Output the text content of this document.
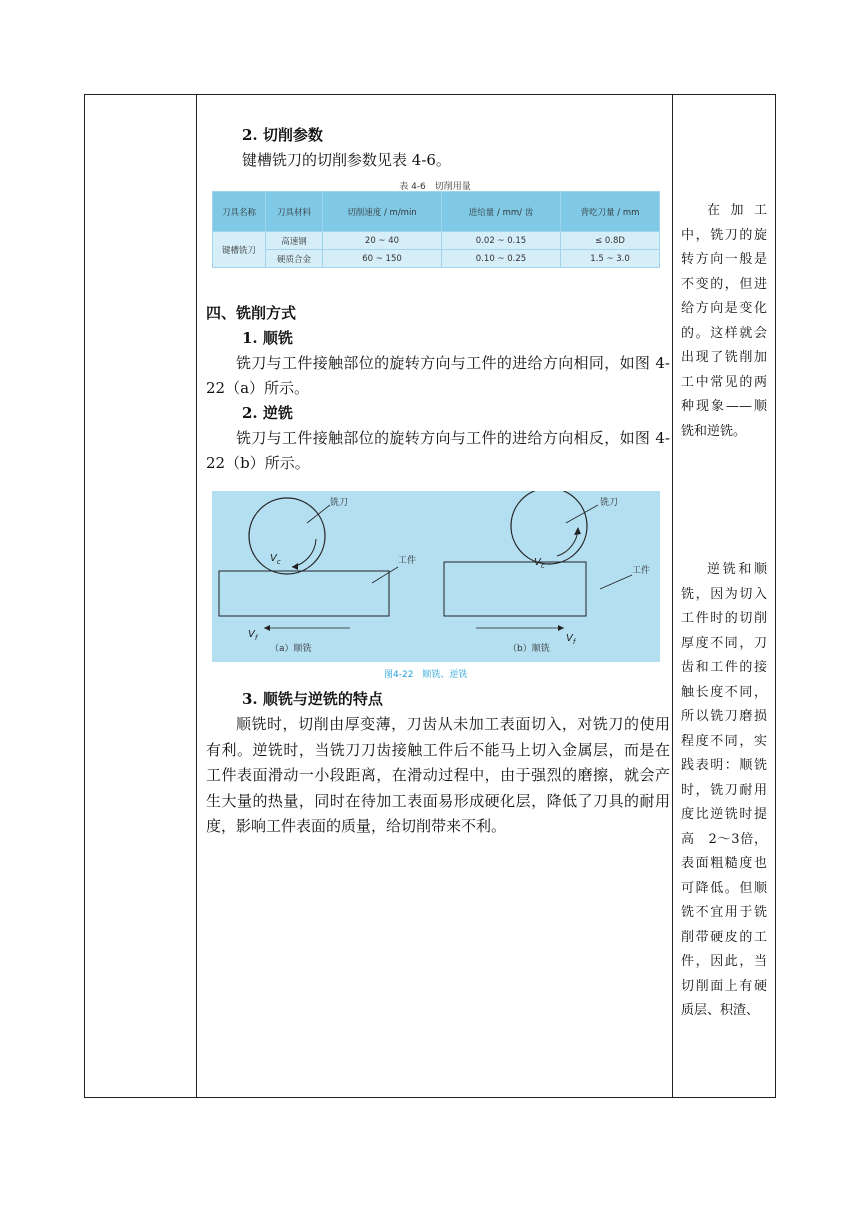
2. 切削参数
键槽铣刀的切削参数见表 4-6。
表 4-6　切削用量
刀具名称	刀具材料	切削速度 / m/min	进给量 / mm/ 齿	背吃刀量 / mm
键槽铣刀	高速钢	20 ~ 40	0.02 ~ 0.15	≤ 0.8D
	硬质合金	60 ~ 150	0.10 ~ 0.25	1.5 ~ 3.0
四、铣削方式
1. 顺铣
铣刀与工件接触部位的旋转方向与工件的进给方向相同，如图 4-22（a）所示。
2. 逆铣
铣刀与工件接触部位的旋转方向与工件的进给方向相反，如图 4-22（b）所示。
铣刀
工件
$V_c$
$V_f$
（a）顺铣
铣刀
工件
$V_c$
$V_f$
（b）顺铣
图4-22　顺铣、逆铣
3. 顺铣与逆铣的特点
顺铣时，切削由厚变薄，刀齿从未加工表面切入，对铣刀的使用有利。逆铣时，当铣刀刀齿接触工件后不能马上切入金属层，而是在工件表面滑动一小段距离，在滑动过程中，由于强烈的磨擦，就会产生大量的热量，同时在待加工表面易形成硬化层，降低了刀具的耐用度，影响工件表面的质量，给切削带来不利。
在加工中，铣刀的旋转方向一般是不变的，但进给方向是变化的。这样就会出现了铣削加工中常见的两种现象——顺铣和逆铣。
逆铣和顺铣，因为切入工件时的切削厚度不同，刀齿和工件的接触长度不同，所以铣刀磨损程度不同，实践表明：顺铣时，铣刀耐用度比逆铣时提高　2～3倍，表面粗糙度也可降低。但顺铣不宜用于铣削带硬皮的工件，因此，当切削面上有硬质层、积渣、
